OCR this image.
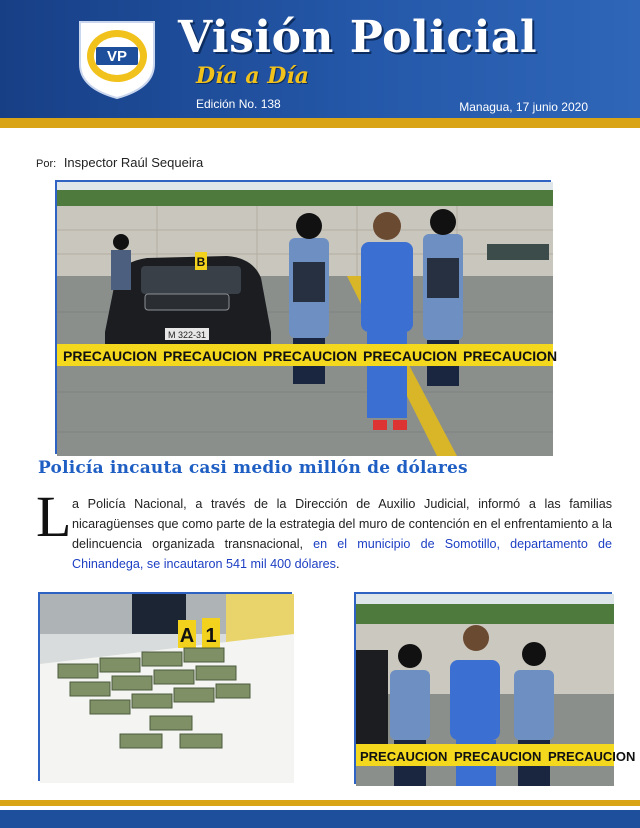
VP Visión Policial
Día a Día
Edición No. 138	Managua, 17 junio 2020
Por: Inspector Raúl Sequeira
M 322-31
B
PRECAUCION PRECAUCION PRECAUCION PRECAUCION PRECAUCION
Policía incauta casi medio millón de dólares
L a Policía Nacional, a través de la Dirección de Auxilio Judicial, informó a las familias nicaragüenses que como parte de la estrategia del muro de contención en el enfrentamiento a la delincuencia organizada transnacional, en el municipio de Somotillo, departamento de Chinandega, se incautaron 541 mil 400 dólares.
A 1
PRECAUCION PRECAUCION PRECAUCION
